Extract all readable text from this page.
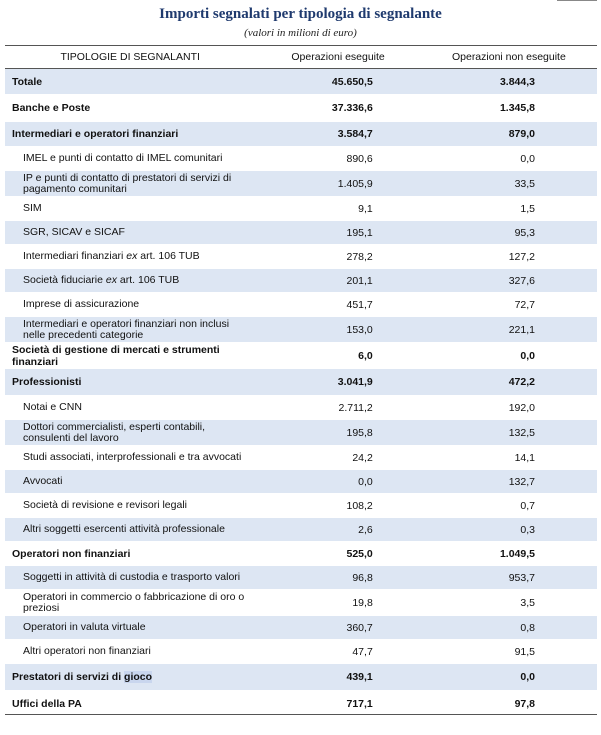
Importi segnalati per tipologia di segnalante
(valori in milioni di euro)
TIPOLOGIE DI SEGNALANTI	Operazioni eseguite	Operazioni non eseguite
Totale	45.650,5	3.844,3
Banche e Poste	37.336,6	1.345,8
Intermediari e operatori finanziari	3.584,7	879,0
IMEL e punti di contatto di IMEL comunitari	890,6	0,0
IP e punti di contatto di prestatori di servizi di pagamento comunitari	1.405,9	33,5
SIM	9,1	1,5
SGR, SICAV e SICAF	195,1	95,3
Intermediari finanziari ex art. 106 TUB	278,2	127,2
Società fiduciarie ex art. 106 TUB	201,1	327,6
Imprese di assicurazione	451,7	72,7
Intermediari e operatori finanziari non inclusi nelle precedenti categorie	153,0	221,1
Società di gestione di mercati e strumenti finanziari	6,0	0,0
Professionisti	3.041,9	472,2
Notai e CNN	2.711,2	192,0
Dottori commercialisti, esperti contabili, consulenti del lavoro	195,8	132,5
Studi associati, interprofessionali e tra avvocati	24,2	14,1
Avvocati	0,0	132,7
Società di revisione e revisori legali	108,2	0,7
Altri soggetti esercenti attività professionale	2,6	0,3
Operatori non finanziari	525,0	1.049,5
Soggetti in attività di custodia e trasporto valori	96,8	953,7
Operatori in commercio o fabbricazione di oro o preziosi	19,8	3,5
Operatori in valuta virtuale	360,7	0,8
Altri operatori non finanziari	47,7	91,5
Prestatori di servizi di gioco	439,1	0,0
Uffici della PA	717,1	97,8
